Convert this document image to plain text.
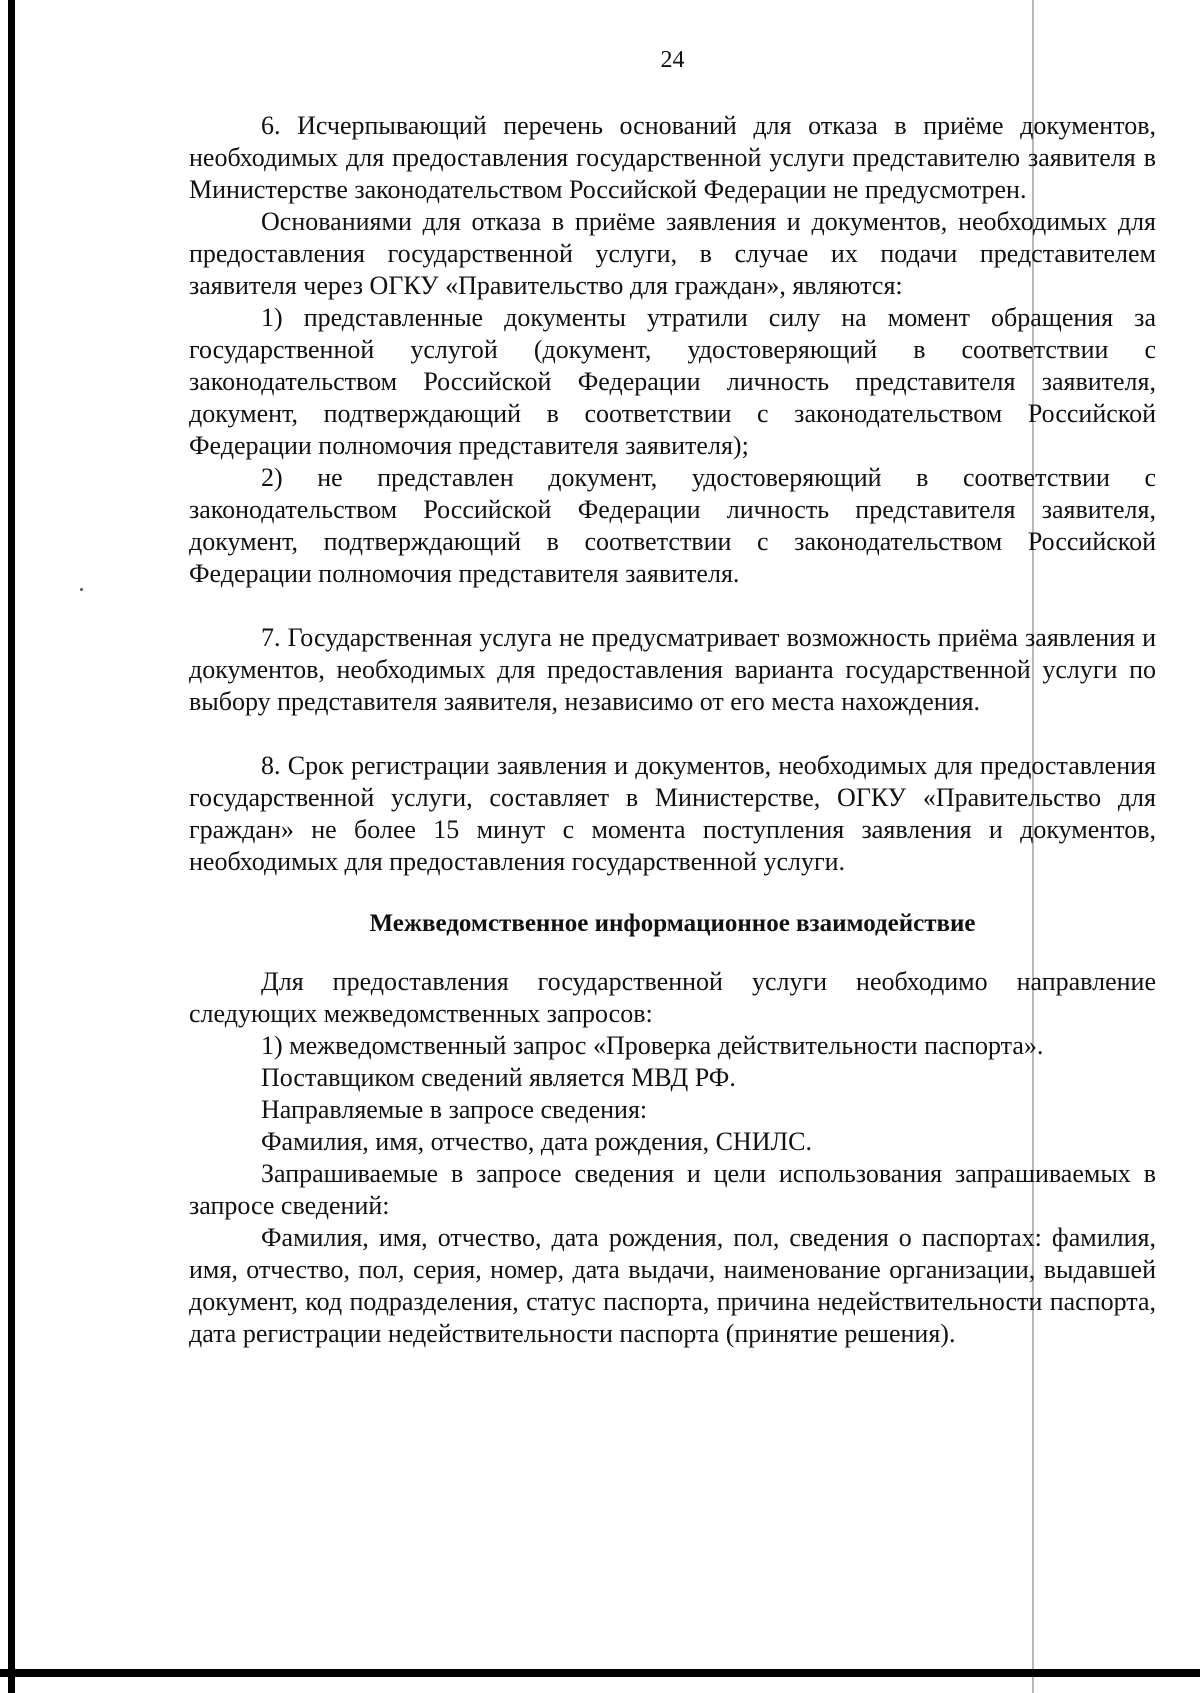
24

6. Исчерпывающий перечень оснований для отказа в приёме документов, необходимых для предоставления государственной услуги представителю заявителя в Министерстве законодательством Российской Федерации не предусмотрен.

Основаниями для отказа в приёме заявления и документов, необходимых для предоставления государственной услуги, в случае их подачи представителем заявителя через ОГКУ «Правительство для граждан», являются:

1) представленные документы утратили силу на момент обращения за государственной услугой (документ, удостоверяющий в соответствии с законодательством Российской Федерации личность представителя заявителя, документ, подтверждающий в соответствии с законодательством Российской Федерации полномочия представителя заявителя);

2) не представлен документ, удостоверяющий в соответствии с законодательством Российской Федерации личность представителя заявителя, документ, подтверждающий в соответствии с законодательством Российской Федерации полномочия представителя заявителя.

7. Государственная услуга не предусматривает возможность приёма заявления и документов, необходимых для предоставления варианта государственной услуги по выбору представителя заявителя, независимо от его места нахождения.

8. Срок регистрации заявления и документов, необходимых для предоставления государственной услуги, составляет в Министерстве, ОГКУ «Правительство для граждан» не более 15 минут с момента поступления заявления и документов, необходимых для предоставления государственной услуги.

Межведомственное информационное взаимодействие

Для предоставления государственной услуги необходимо направление следующих межведомственных запросов:

1) межведомственный запрос «Проверка действительности паспорта».

Поставщиком сведений является МВД РФ.

Направляемые в запросе сведения:

Фамилия, имя, отчество, дата рождения, СНИЛС.

Запрашиваемые в запросе сведения и цели использования запрашиваемых в запросе сведений:

Фамилия, имя, отчество, дата рождения, пол, сведения о паспортах: фамилия, имя, отчество, пол, серия, номер, дата выдачи, наименование организации, выдавшей документ, код подразделения, статус паспорта, причина недействительности паспорта, дата регистрации недействительности паспорта (принятие решения).
